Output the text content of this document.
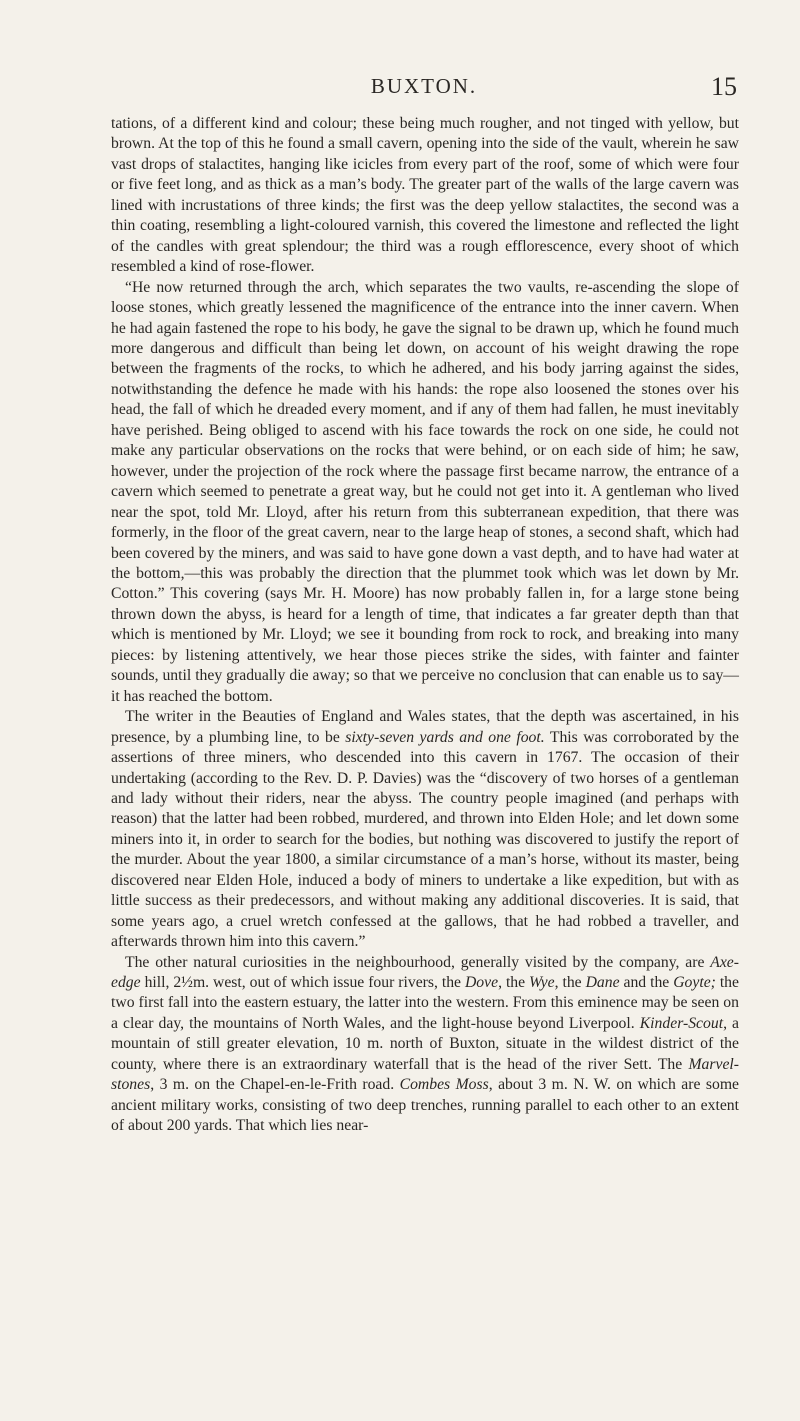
BUXTON.	15

tations, of a different kind and colour; these being much rougher, and not tinged with yellow, but brown. At the top of this he found a small cavern, opening into the side of the vault, wherein he saw vast drops of stalactites, hanging like icicles from every part of the roof, some of which were four or five feet long, and as thick as a man’s body. The greater part of the walls of the large cavern was lined with incrustations of three kinds; the first was the deep yellow stalactites, the second was a thin coating, resembling a light-coloured varnish, this covered the limestone and reflected the light of the candles with great splendour; the third was a rough efflorescence, every shoot of which resembled a kind of rose-flower.

“He now returned through the arch, which separates the two vaults, re-ascending the slope of loose stones, which greatly lessened the magnificence of the entrance into the inner cavern. When he had again fastened the rope to his body, he gave the signal to be drawn up, which he found much more dangerous and difficult than being let down, on account of his weight drawing the rope between the fragments of the rocks, to which he adhered, and his body jarring against the sides, notwithstanding the defence he made with his hands: the rope also loosened the stones over his head, the fall of which he dreaded every moment, and if any of them had fallen, he must inevitably have perished. Being obliged to ascend with his face towards the rock on one side, he could not make any particular observations on the rocks that were behind, or on each side of him; he saw, however, under the projection of the rock where the passage first became narrow, the entrance of a cavern which seemed to penetrate a great way, but he could not get into it. A gentleman who lived near the spot, told Mr. Lloyd, after his return from this subterranean expedition, that there was formerly, in the floor of the great cavern, near to the large heap of stones, a second shaft, which had been covered by the miners, and was said to have gone down a vast depth, and to have had water at the bottom,—this was probably the direction that the plummet took which was let down by Mr. Cotton.” This covering (says Mr. H. Moore) has now probably fallen in, for a large stone being thrown down the abyss, is heard for a length of time, that indicates a far greater depth than that which is mentioned by Mr. Lloyd; we see it bounding from rock to rock, and breaking into many pieces: by listening attentively, we hear those pieces strike the sides, with fainter and fainter sounds, until they gradually die away; so that we perceive no conclusion that can enable us to say—it has reached the bottom.

The writer in the Beauties of England and Wales states, that the depth was ascertained, in his presence, by a plumbing line, to be sixty-seven yards and one foot. This was corroborated by the assertions of three miners, who descended into this cavern in 1767. The occasion of their undertaking (according to the Rev. D. P. Davies) was the “discovery of two horses of a gentleman and lady without their riders, near the abyss. The country people imagined (and perhaps with reason) that the latter had been robbed, murdered, and thrown into Elden Hole; and let down some miners into it, in order to search for the bodies, but nothing was discovered to justify the report of the murder. About the year 1800, a similar circumstance of a man’s horse, without its master, being discovered near Elden Hole, induced a body of miners to undertake a like expedition, but with as little success as their predecessors, and without making any additional discoveries. It is said, that some years ago, a cruel wretch confessed at the gallows, that he had robbed a traveller, and afterwards thrown him into this cavern.”

The other natural curiosities in the neighbourhood, generally visited by the company, are Axe-edge hill, 2½m. west, out of which issue four rivers, the Dove, the Wye, the Dane and the Goyte; the two first fall into the eastern estuary, the latter into the western. From this eminence may be seen on a clear day, the mountains of North Wales, and the light-house beyond Liverpool. Kinder-Scout, a mountain of still greater elevation, 10 m. north of Buxton, situate in the wildest district of the county, where there is an extraordinary waterfall that is the head of the river Sett. The Marvel-stones, 3 m. on the Chapel-en-le-Frith road. Combes Moss, about 3 m. N. W. on which are some ancient military works, consisting of two deep trenches, running parallel to each other to an extent of about 200 yards. That which lies near-
